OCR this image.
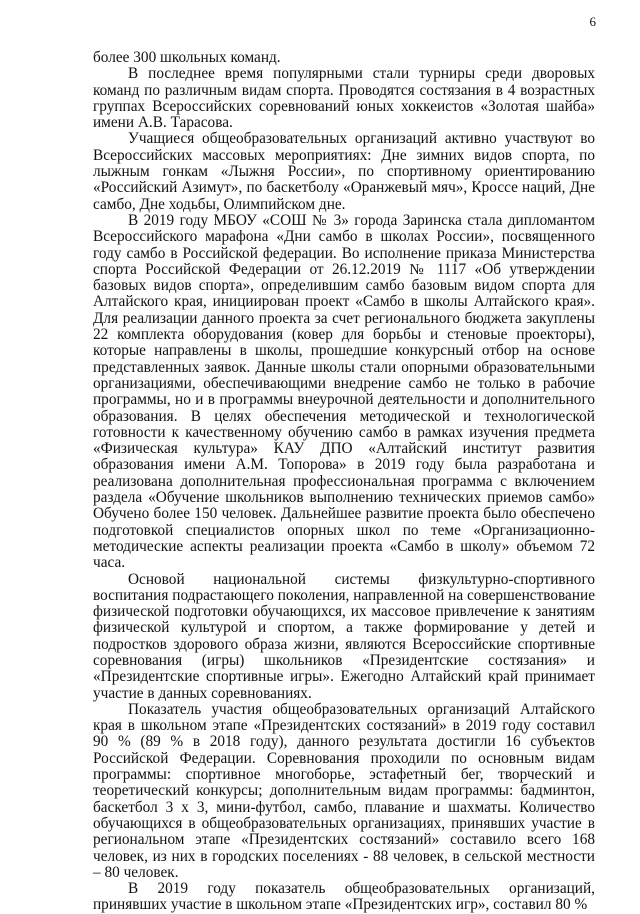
6

более 300 школьных команд.

В последнее время популярными стали турниры среди дворовых команд по различным видам спорта. Проводятся состязания в 4 возрастных группах Всероссийских соревнований юных хоккеистов «Золотая шайба» имени А.В. Тарасова.

Учащиеся общеобразовательных организаций активно участвуют во Всероссийских массовых мероприятиях: Дне зимних видов спорта, по лыжным гонкам «Лыжня России», по спортивному ориентированию «Российский Азимут», по баскетболу «Оранжевый мяч», Кроссе наций, Дне самбо, Дне ходьбы, Олимпийском дне.

В 2019 году МБОУ «СОШ № 3» города Заринска стала дипломантом Всероссийского марафона «Дни самбо в школах России», посвященного году самбо в Российской федерации. Во исполнение приказа Министерства спорта Российской Федерации от 26.12.2019 № 1117 «Об утверждении базовых видов спорта», определившим самбо базовым видом спорта для Алтайского края, инициирован проект «Самбо в школы Алтайского края». Для реализации данного проекта за счет регионального бюджета закуплены 22 комплекта оборудования (ковер для борьбы и стеновые проекторы), которые направлены в школы, прошедшие конкурсный отбор на основе представленных заявок. Данные школы стали опорными образовательными организациями, обеспечивающими внедрение самбо не только в рабочие программы, но и в программы внеурочной деятельности и дополнительного образования. В целях обеспечения методической и технологической готовности к качественному обучению самбо в рамках изучения предмета «Физическая культура» КАУ ДПО «Алтайский институт развития образования имени А.М. Топорова» в 2019 году была разработана и реализована дополнительная профессиональная программа с включением раздела «Обучение школьников выполнению технических приемов самбо» Обучено более 150 человек. Дальнейшее развитие проекта было обеспечено подготовкой специалистов опорных школ по теме «Организационно-методические аспекты реализации проекта «Самбо в школу» объемом 72 часа.

Основой национальной системы физкультурно-спортивного воспитания подрастающего поколения, направленной на совершенствование физической подготовки обучающихся, их массовое привлечение к занятиям физической культурой и спортом, а также формирование у детей и подростков здорового образа жизни, являются Всероссийские спортивные соревнования (игры) школьников «Президентские состязания» и «Президентские спортивные игры». Ежегодно Алтайский край принимает участие в данных соревнованиях.

Показатель участия общеобразовательных организаций Алтайского края в школьном этапе «Президентских состязаний» в 2019 году составил 90 % (89 % в 2018 году), данного результата достигли 16 субъектов Российской Федерации. Соревнования проходили по основным видам программы: спортивное многоборье, эстафетный бег, творческий и теоретический конкурсы; дополнительным видам программы: бадминтон, баскетбол 3 х 3, мини-футбол, самбо, плавание и шахматы. Количество обучающихся в общеобразовательных организациях, принявших участие в региональном этапе «Президентских состязаний» составило всего 168 человек, из них в городских поселениях - 88 человек, в сельской местности – 80 человек.

В 2019 году показатель общеобразовательных организаций, принявших участие в школьном этапе «Президентских игр», составил 80 %
